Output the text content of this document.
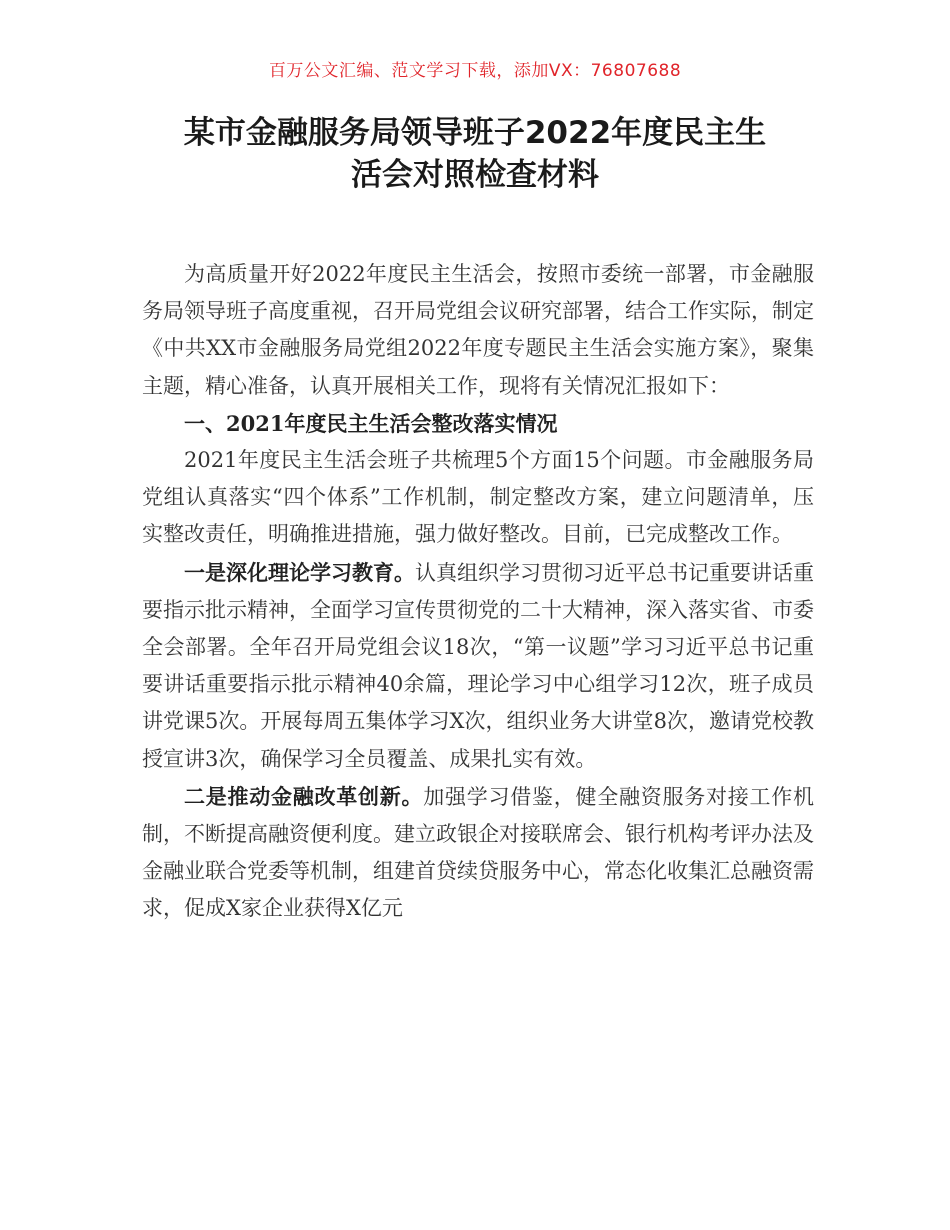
百万公文汇编、范文学习下载，添加VX：76807688
某市金融服务局领导班子2022年度民主生
活会对照检查材料

为高质量开好2022年度民主生活会，按照市委统一部署，市金融服务局领导班子高度重视，召开局党组会议研究部署，结合工作实际，制定《中共XX市金融服务局党组2022年度专题民主生活会实施方案》，聚集主题，精心准备，认真开展相关工作，现将有关情况汇报如下：

一、2021年度民主生活会整改落实情况

2021年度民主生活会班子共梳理5个方面15个问题。市金融服务局党组认真落实“四个体系”工作机制，制定整改方案，建立问题清单，压实整改责任，明确推进措施，强力做好整改。目前，已完成整改工作。

一是深化理论学习教育。认真组织学习贯彻习近平总书记重要讲话重要指示批示精神，全面学习宣传贯彻党的二十大精神，深入落实省、市委全会部署。全年召开局党组会议18次，“第一议题”学习习近平总书记重要讲话重要指示批示精神40余篇，理论学习中心组学习12次，班子成员讲党课5次。开展每周五集体学习X次，组织业务大讲堂8次，邀请党校教授宣讲3次，确保学习全员覆盖、成果扎实有效。

二是推动金融改革创新。加强学习借鉴，健全融资服务对接工作机制，不断提高融资便利度。建立政银企对接联席会、银行机构考评办法及金融业联合党委等机制，组建首贷续贷服务中心，常态化收集汇总融资需求，促成X家企业获得X亿元
